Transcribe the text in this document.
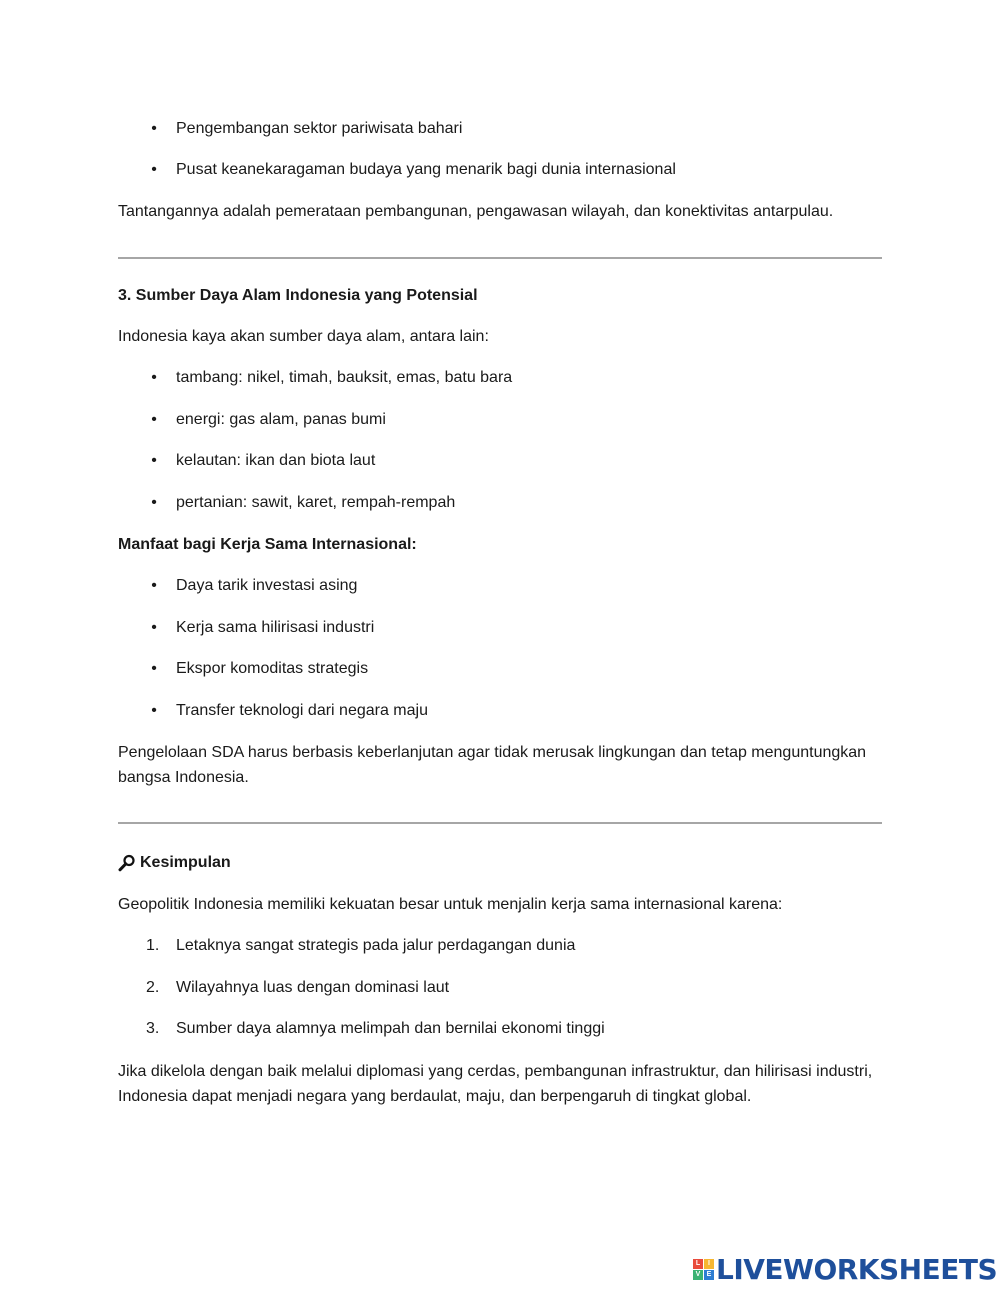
• Pengembangan sektor pariwisata bahari
• Pusat keanekaragaman budaya yang menarik bagi dunia internasional
Tantangannya adalah pemerataan pembangunan, pengawasan wilayah, dan konektivitas antarpulau.
3. Sumber Daya Alam Indonesia yang Potensial
Indonesia kaya akan sumber daya alam, antara lain:
• tambang: nikel, timah, bauksit, emas, batu bara
• energi: gas alam, panas bumi
• kelautan: ikan dan biota laut
• pertanian: sawit, karet, rempah-rempah
Manfaat bagi Kerja Sama Internasional:
• Daya tarik investasi asing
• Kerja sama hilirisasi industri
• Ekspor komoditas strategis
• Transfer teknologi dari negara maju
Pengelolaan SDA harus berbasis keberlanjutan agar tidak merusak lingkungan dan tetap menguntungkan bangsa Indonesia.
Kesimpulan
Geopolitik Indonesia memiliki kekuatan besar untuk menjalin kerja sama internasional karena:
1. Letaknya sangat strategis pada jalur perdagangan dunia
2. Wilayahnya luas dengan dominasi laut
3. Sumber daya alamnya melimpah dan bernilai ekonomi tinggi
Jika dikelola dengan baik melalui diplomasi yang cerdas, pembangunan infrastruktur, dan hilirisasi industri, Indonesia dapat menjadi negara yang berdaulat, maju, dan berpengaruh di tingkat global.
L	I
V E LIVEWORKSHEETS
